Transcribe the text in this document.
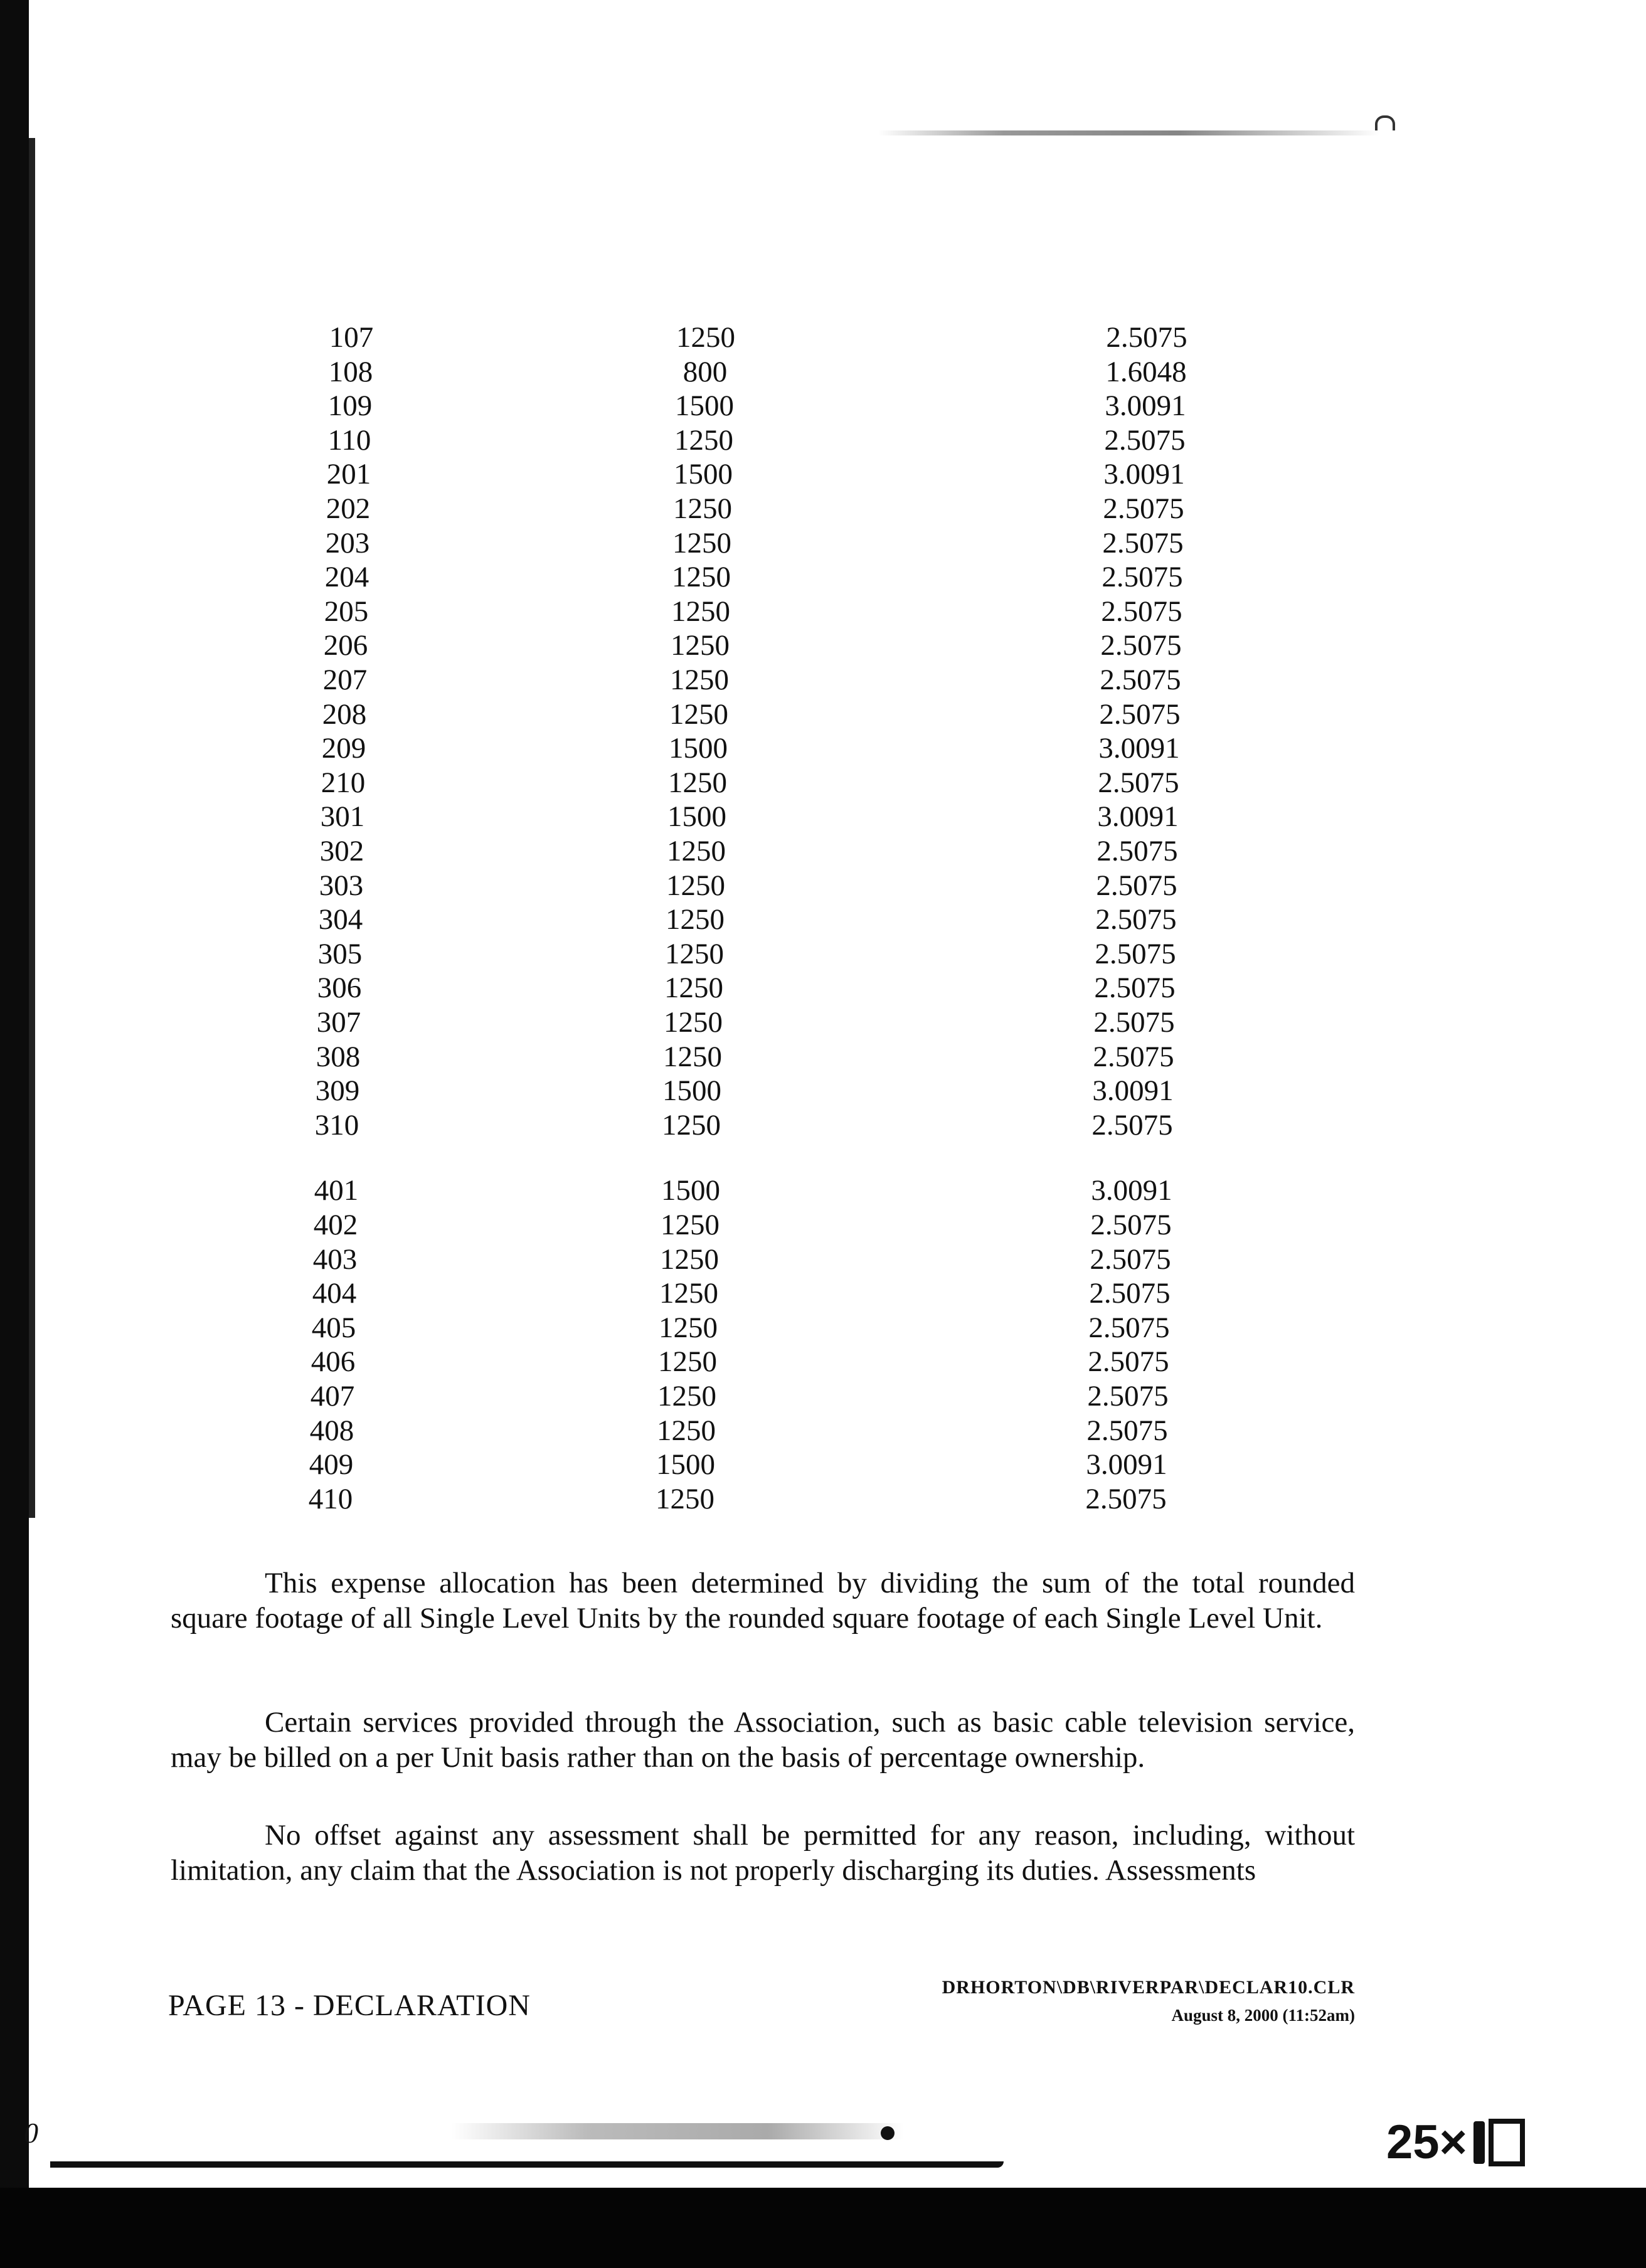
107	1250	2.5075
108	800	1.6048
109	1500	3.0091
110	1250	2.5075
201	1500	3.0091
202	1250	2.5075
203	1250	2.5075
204	1250	2.5075
205	1250	2.5075
206	1250	2.5075
207	1250	2.5075
208	1250	2.5075
209	1500	3.0091
210	1250	2.5075
301	1500	3.0091
302	1250	2.5075
303	1250	2.5075
304	1250	2.5075
305	1250	2.5075
306	1250	2.5075
307	1250	2.5075
308	1250	2.5075
309	1500	3.0091
310	1250	2.5075
401	1500	3.0091
402	1250	2.5075
403	1250	2.5075
404	1250	2.5075
405	1250	2.5075
406	1250	2.5075
407	1250	2.5075
408	1250	2.5075
409	1500	3.0091
410	1250	2.5075

This expense allocation has been determined by dividing the sum of the total rounded square footage of all Single Level Units by the rounded square footage of each Single Level Unit.

Certain services provided through the Association, such as basic cable television service, may be billed on a per Unit basis rather than on the basis of percentage ownership.

No offset against any assessment shall be permitted for any reason, including, without limitation, any claim that the Association is not properly discharging its duties. Assessments

PAGE 13 - DECLARATION
DRHORTON\DB\RIVERPAR\DECLAR10.CLR
August 8, 2000 (11:52am)
0	25×
